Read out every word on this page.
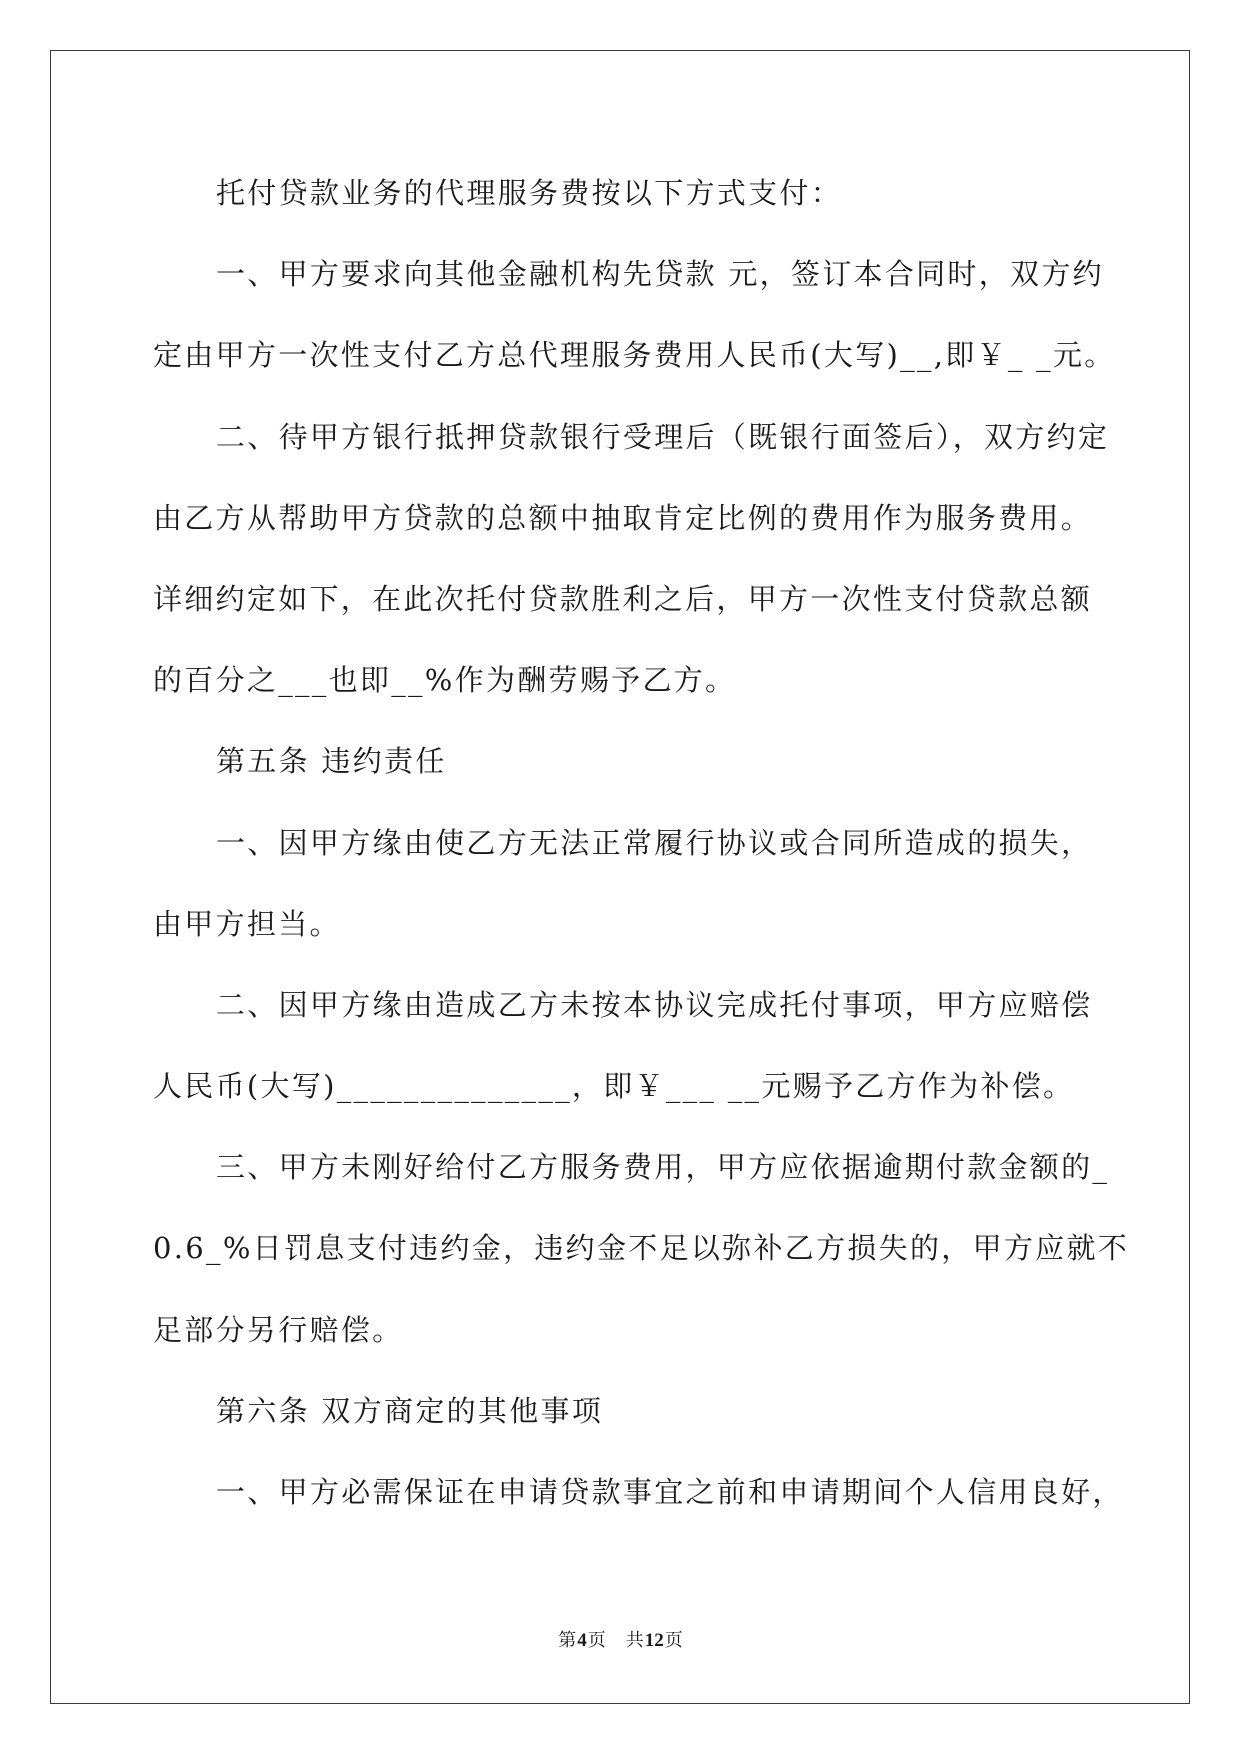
托付贷款业务的代理服务费按以下方式支付：
一、甲方要求向其他金融机构先贷款 元，签订本合同时，双方约
定由甲方一次性支付乙方总代理服务费用人民币(大写)__,即￥_ _元。
二、待甲方银行抵押贷款银行受理后（既银行面签后），双方约定
由乙方从帮助甲方贷款的总额中抽取肯定比例的费用作为服务费用。
详细约定如下，在此次托付贷款胜利之后，甲方一次性支付贷款总额
的百分之___也即__%作为酬劳赐予乙方。
第五条 违约责任
一、因甲方缘由使乙方无法正常履行协议或合同所造成的损失，
由甲方担当。
二、因甲方缘由造成乙方未按本协议完成托付事项，甲方应赔偿
人民币(大写)______________，即￥___ __元赐予乙方作为补偿。
三、甲方未刚好给付乙方服务费用，甲方应依据逾期付款金额的_
0.6_%日罚息支付违约金，违约金不足以弥补乙方损失的，甲方应就不
足部分另行赔偿。
第六条 双方商定的其他事项
一、甲方必需保证在申请贷款事宜之前和申请期间个人信用良好，
第4页 共12页
